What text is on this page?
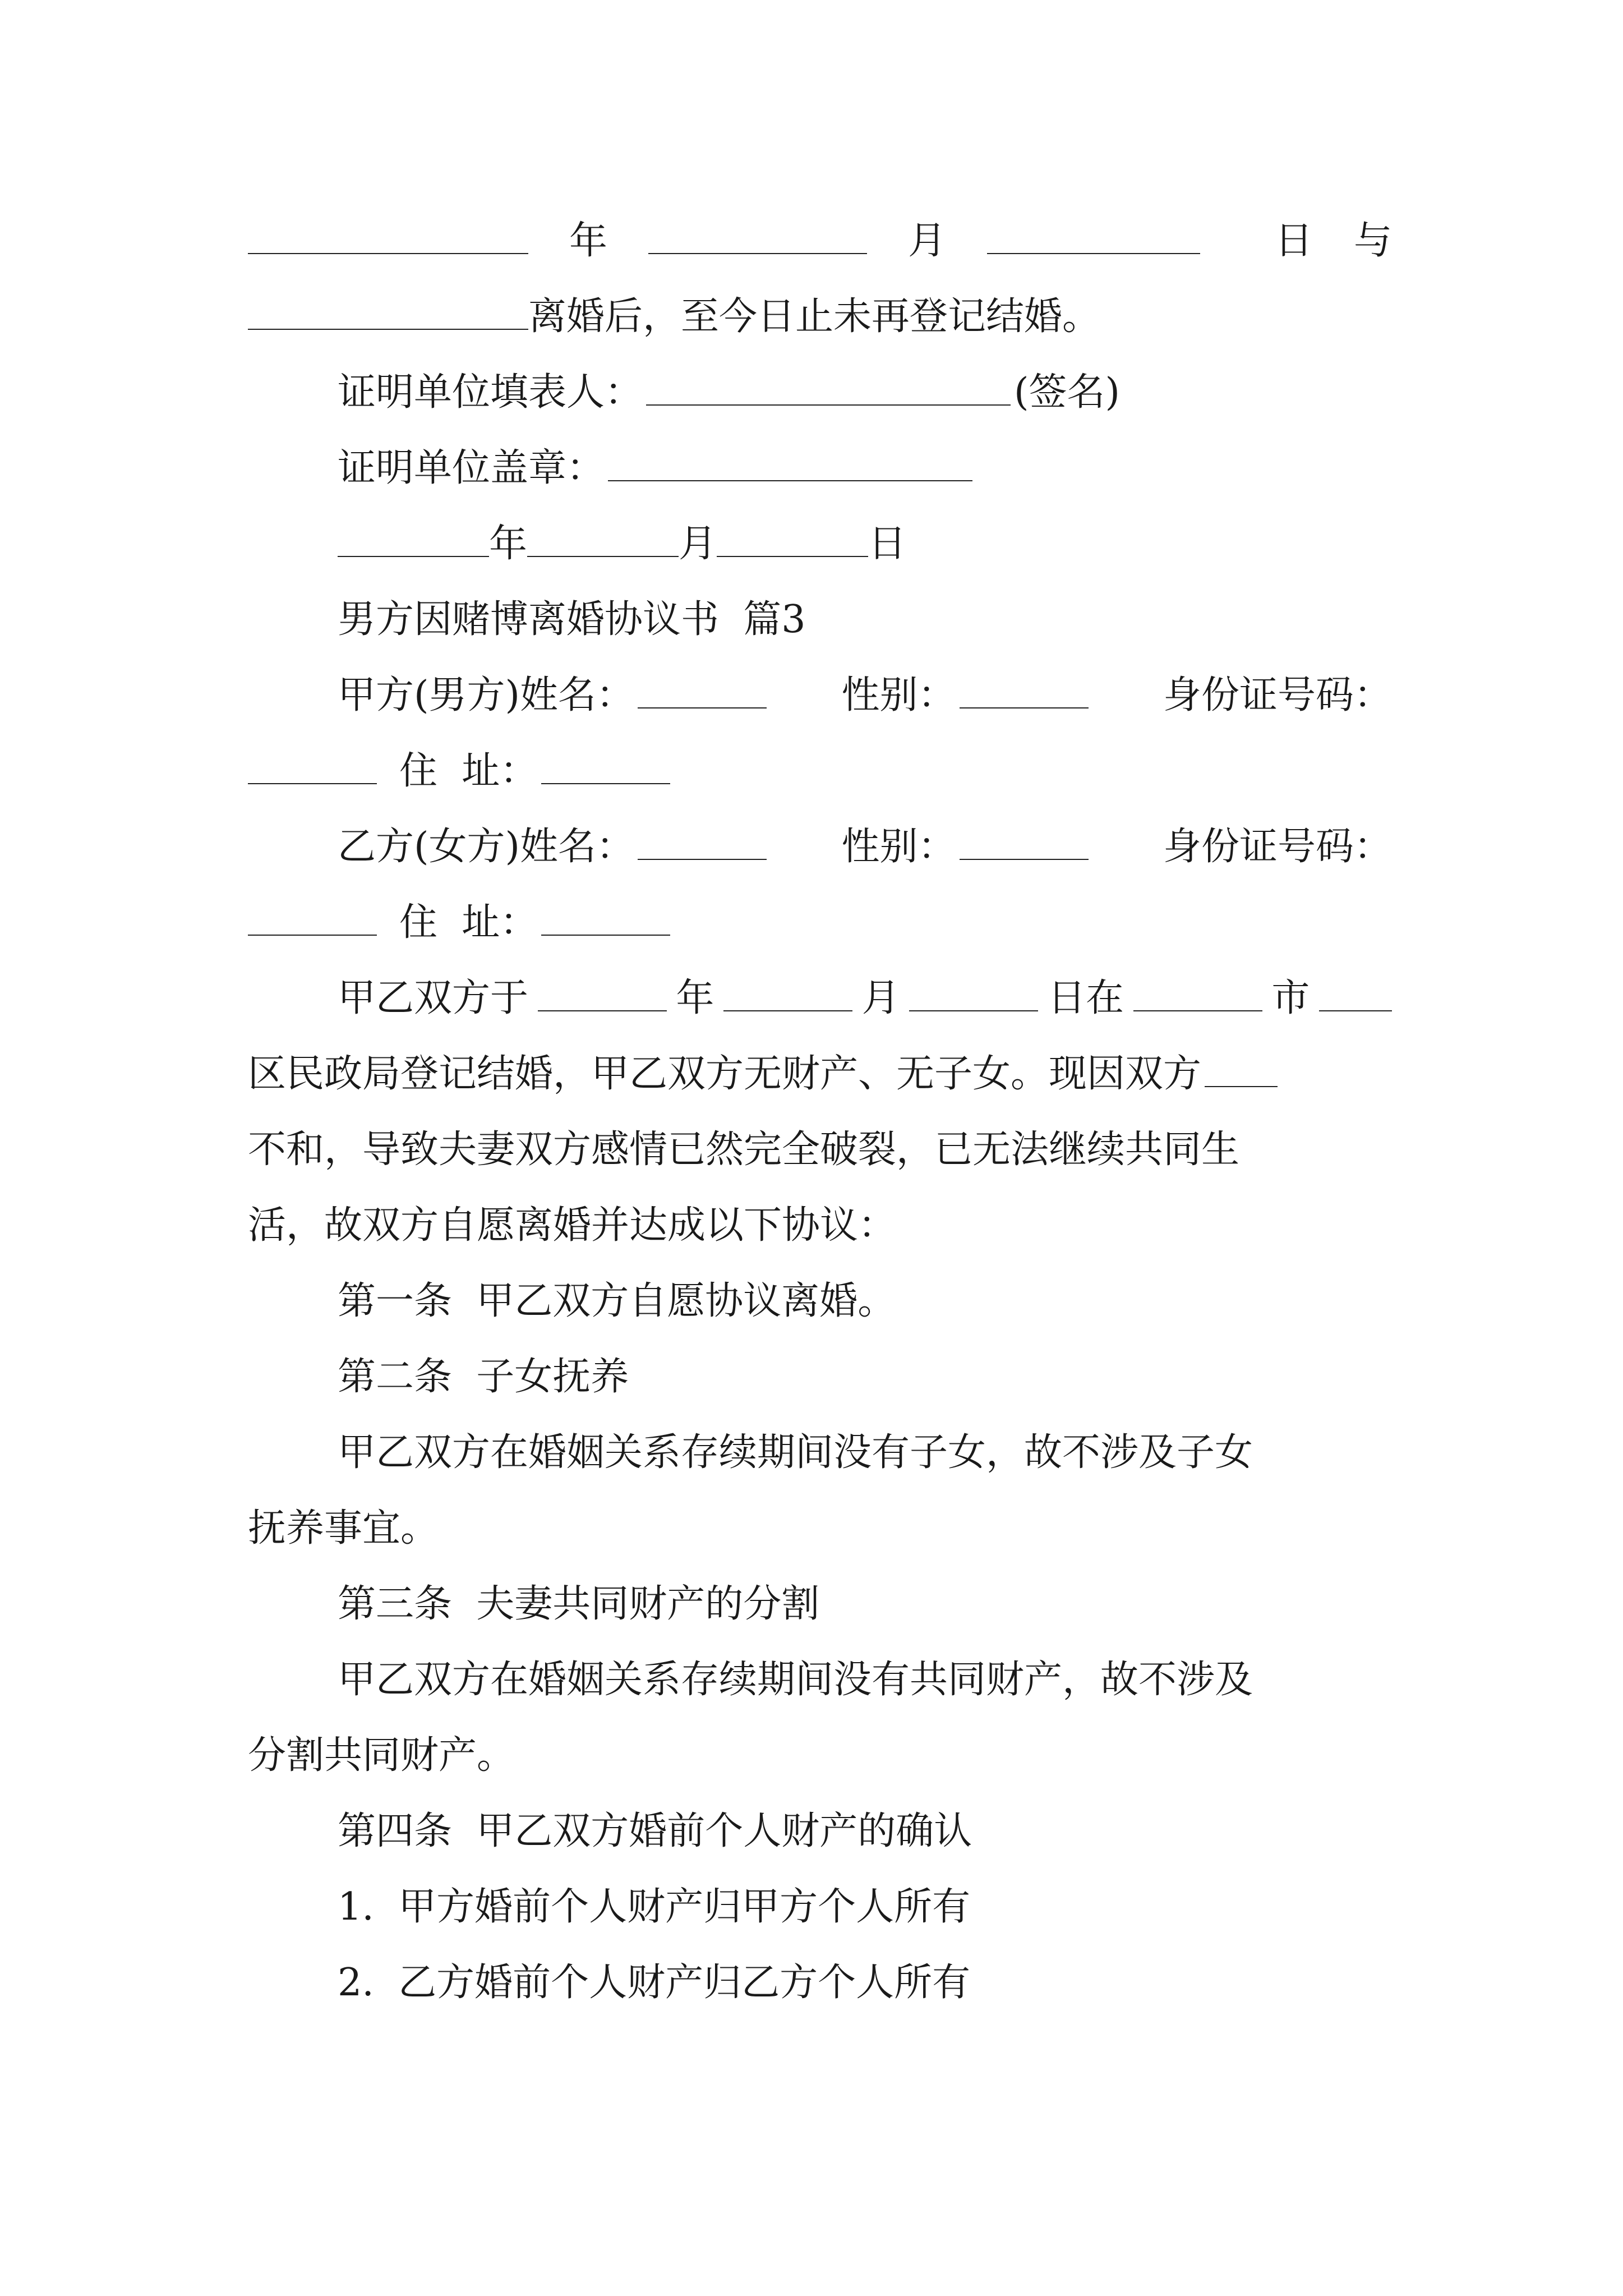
年	月	日 与
离婚后，至今日止未再登记结婚。
证明单位填表人：	(签名)
证明单位盖章：
年	月	日
男方因赌博离婚协议书  篇3
甲方(男方)姓名：	性别：	身份证号码：
住  址：
乙方(女方)姓名：	性别：	身份证号码：
住  址：
甲乙双方于	年	月	日在	市
区民政局登记结婚，甲乙双方无财产、无子女。现因双方
不和，导致夫妻双方感情已然完全破裂，已无法继续共同生
活，故双方自愿离婚并达成以下协议：
第一条  甲乙双方自愿协议离婚。
第二条  子女抚养
甲乙双方在婚姻关系存续期间没有子女，故不涉及子女
抚养事宜。
第三条  夫妻共同财产的分割
甲乙双方在婚姻关系存续期间没有共同财产，故不涉及
分割共同财产。
第四条  甲乙双方婚前个人财产的确认
1.  甲方婚前个人财产归甲方个人所有
2.  乙方婚前个人财产归乙方个人所有
